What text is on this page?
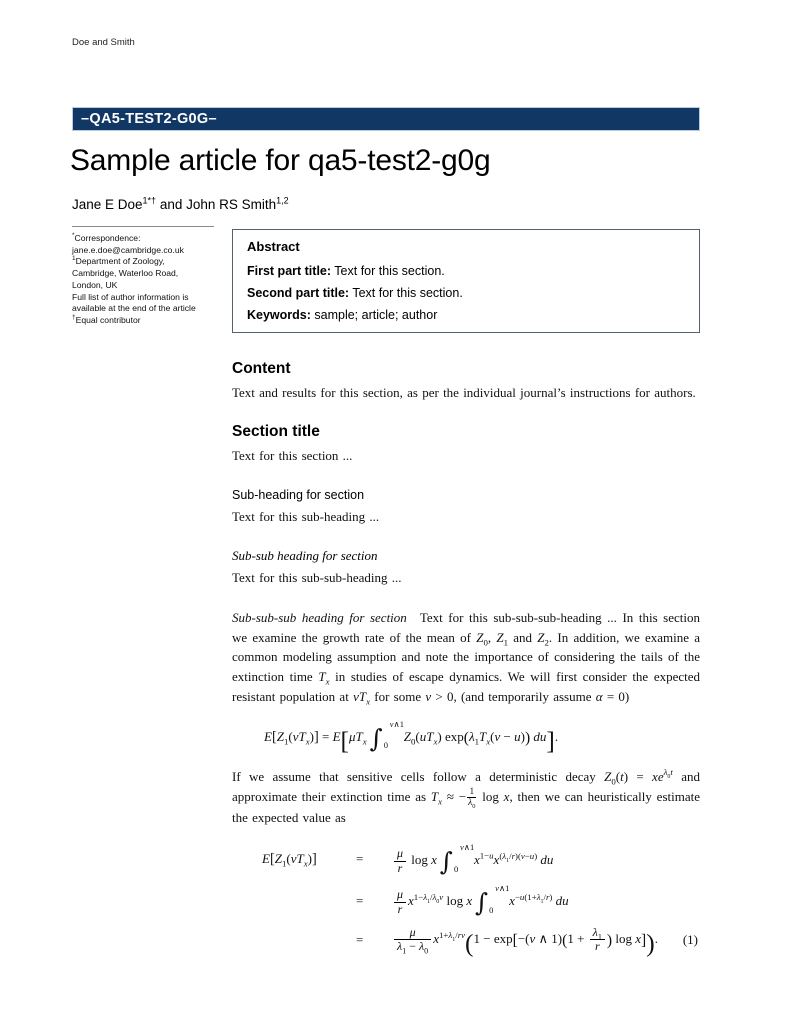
Doe and Smith
–QA5-TEST2-G0G–
Sample article for qa5-test2-g0g
Jane E Doe$^{1*\dagger}$ and John RS Smith$^{1,2}$
*Correspondence:
jane.e.doe@cambridge.co.uk
$^1$Department of Zoology,
Cambridge, Waterloo Road,
London, UK
Full list of author information is
available at the end of the article
†Equal contributor
Abstract
First part title: Text for this section.
Second part title: Text for this section.
Keywords: sample; article; author
Content

Text and results for this section, as per the individual journal’s instructions for authors.

Section title

Text for this section ...

Sub-heading for section

Text for this sub-heading ...

Sub-sub heading for section

Text for this sub-sub-heading ...

Sub-sub-sub heading for section  Text for this sub-sub-sub-heading ... In this section we examine the growth rate of the mean of $Z_0$, $Z_1$ and $Z_2$. In addition, we examine a common modeling assumption and note the importance of considering the tails of the extinction time $T_x$ in studies of escape dynamics. We will first consider the expected resistant population at $vT_x$ for some v > 0, (and temporarily assume α = 0)

$E[Z_1(vT_x)] = E[\mu T_x$ ∫ v∧1
0
$Z_0(uT_x) \exp(\lambda_1T_x(v - u))$ du].

If we assume that sensitive cells follow a deterministic decay $Z_0(t) = xe^{\lambda_0t}$ and approximate their extinction time as $T_x$ ≈ − $\frac{1}{\lambda_0}$ log x, then we can heuristically estimate the expected value as

$E[Z_1(vT_x)]$	=	$\frac{\mu}{r}$ log x ∫ v∧1
0
$x^{1-u}x^{(\lambda_1/r)(v-u)}$ du
=	$\frac{\mu}{r} x^{1-\lambda_1/\lambda_0v}$ log x ∫ v∧1
0
$x^{-u(1+\lambda_1/r)}$ du
=	$\frac{\mu}{\lambda_1 - \lambda_0} x^{1+\lambda_1/rv}(1 - \exp[-(v$ ∧ $1)(1 + \frac{\lambda_1}{r}$ ) log x]). (1)
